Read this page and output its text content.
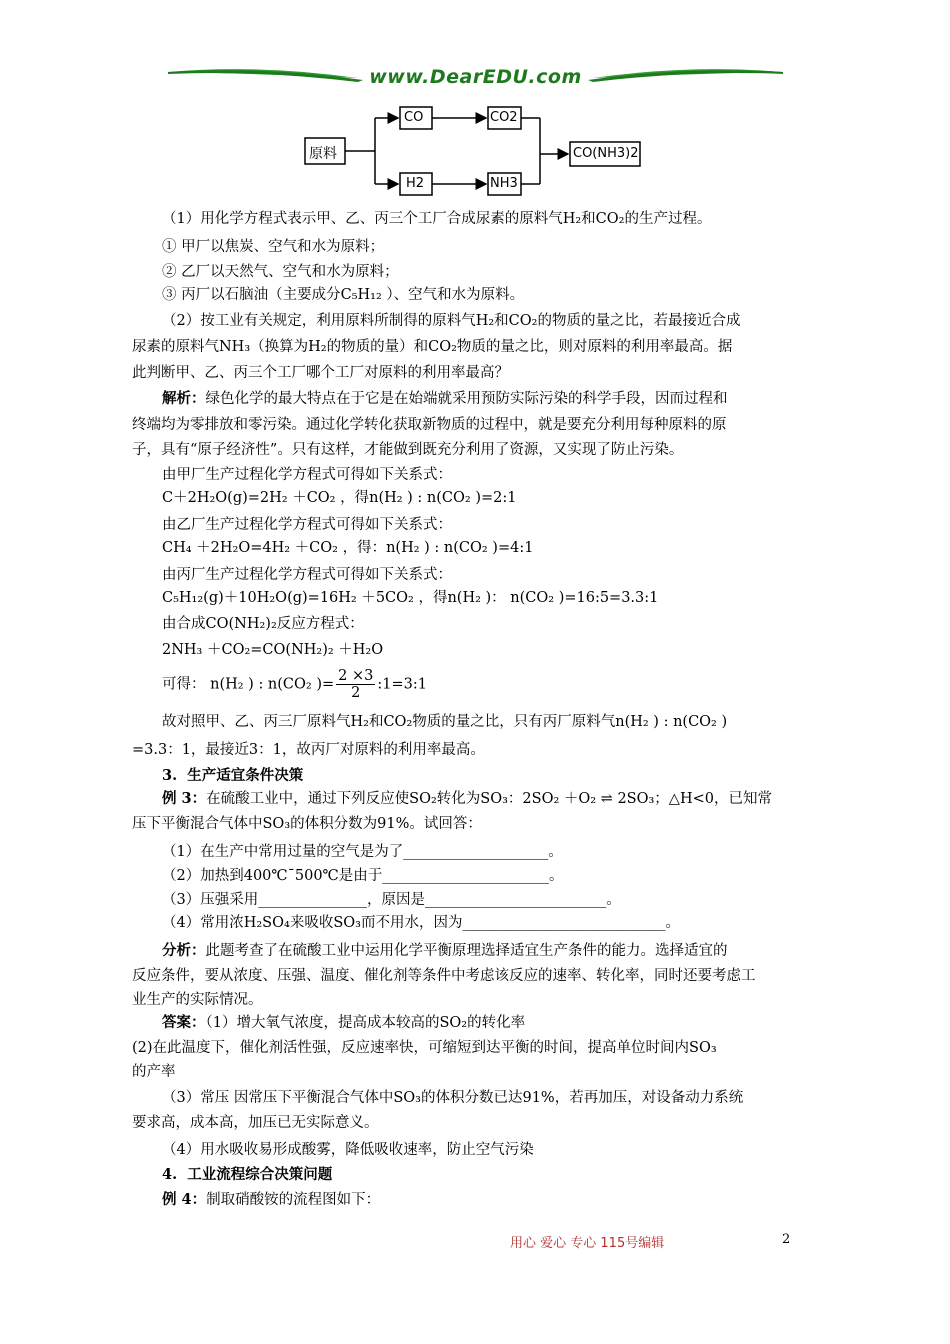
www.DearEDU.com
原料
CO	CO2
H2	NH3
CO(NH3)2
（1）用化学方程式表示甲、乙、丙三个工厂合成尿素的原料气H₂和CO₂的生产过程。
① 甲厂以焦炭、空气和水为原料；
② 乙厂以天然气、空气和水为原料；
③ 丙厂以石脑油（主要成分C₅H₁₂ ）、空气和水为原料。
（2）按工业有关规定，利用原料所制得的原料气H₂和CO₂的物质的量之比，若最接近合成
尿素的原料气NH₃（换算为H₂的物质的量）和CO₂物质的量之比，则对原料的利用率最高。据
此判断甲、乙、丙三个工厂哪个工厂对原料的利用率最高？
解析：绿色化学的最大特点在于它是在始端就采用预防实际污染的科学手段，因而过程和
终端均为零排放和零污染。通过化学转化获取新物质的过程中，就是要充分利用每种原料的原
子，具有“原子经济性”。只有这样，才能做到既充分利用了资源，又实现了防止污染。
由甲厂生产过程化学方程式可得如下关系式：
C＋2H₂O(g)=2H₂ ＋CO₂ ，得n(H₂ ) : n(CO₂ )=2:1
由乙厂生产过程化学方程式可得如下关系式：
CH₄ ＋2H₂O=4H₂ ＋CO₂ ，得：n(H₂ ) : n(CO₂ )=4:1
由丙厂生产过程化学方程式可得如下关系式：
C₅H₁₂(g)＋10H₂O(g)=16H₂ ＋5CO₂ ，得n(H₂ )： n(CO₂ )=16:5=3.3:1
由合成CO(NH₂)₂反应方程式：
2NH₃ ＋CO₂=CO(NH₂)₂ ＋H₂O
可得： n(H₂ ) : n(CO₂ )= $\frac{2 \times 3}{2}$ :1=3:1
故对照甲、乙、丙三厂原料气H₂和CO₂物质的量之比，只有丙厂原料气n(H₂ ) : n(CO₂ )
=3.3：1，最接近3：1，故丙厂对原料的利用率最高。
3. 生产适宜条件决策
例 3：在硫酸工业中，通过下列反应使SO₂转化为SO₃：2SO₂ ＋O₂ ⇌ 2SO₃；△H<0，已知常
压下平衡混合气体中SO₃的体积分数为91%。试回答：
（1）在生产中常用过量的空气是为了____________________。
（2）加热到400℃ˉ500℃是由于_______________________。
（3）压强采用_______________，原因是_________________________。
（4）常用浓H₂SO₄来吸收SO₃而不用水，因为____________________________。
分析：此题考查了在硫酸工业中运用化学平衡原理选择适宜生产条件的能力。选择适宜的
反应条件，要从浓度、压强、温度、催化剂等条件中考虑该反应的速率、转化率，同时还要考虑工
业生产的实际情况。
答案：（1）增大氧气浓度，提高成本较高的SO₂的转化率
(2)在此温度下，催化剂活性强，反应速率快，可缩短到达平衡的时间，提高单位时间内SO₃
的产率
（3）常压 因常压下平衡混合气体中SO₃的体积分数已达91%，若再加压，对设备动力系统
要求高，成本高，加压已无实际意义。
（4）用水吸收易形成酸雾，降低吸收速率，防止空气污染
4. 工业流程综合决策问题
例 4：制取硝酸铵的流程图如下：
用心 爱心 专心 115号编辑	2
